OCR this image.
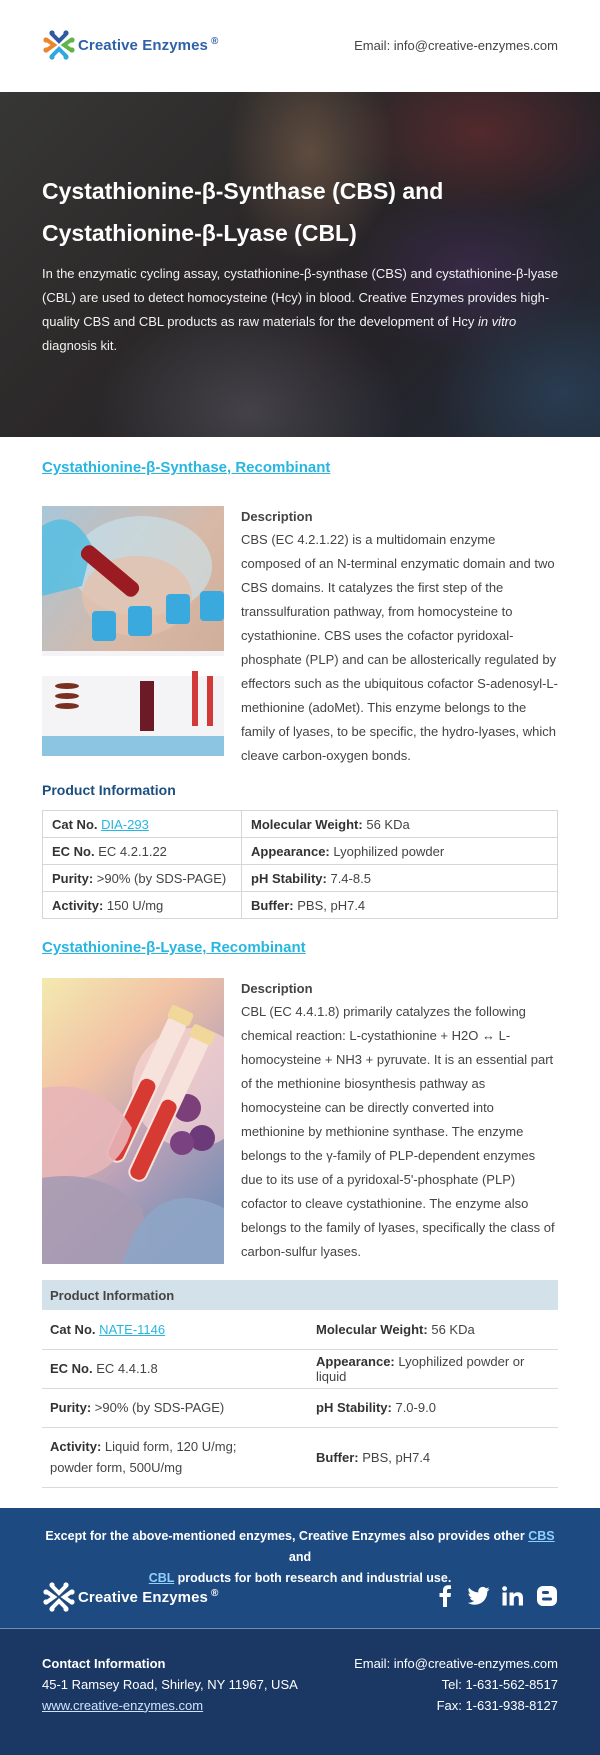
Creative Enzymes ®	Email: info@creative-enzymes.com
Cystathionine-β-Synthase (CBS) and
Cystathionine-β-Lyase (CBL)

In the enzymatic cycling assay, cystathionine-β-synthase (CBS) and cystathionine-β-lyase (CBL) are used to detect homocysteine (Hcy) in blood. Creative Enzymes provides high-quality CBS and CBL products as raw materials for the development of Hcy in vitro diagnosis kit.

Cystathionine-β-Synthase, Recombinant
Description

CBS (EC 4.2.1.22) is a multidomain enzyme composed of an N-terminal enzymatic domain and two CBS domains. It catalyzes the first step of the transsulfuration pathway, from homocysteine to cystathionine. CBS uses the cofactor pyridoxal-phosphate (PLP) and can be allosterically regulated by effectors such as the ubiquitous cofactor S-adenosyl-L-methionine (adoMet). This enzyme belongs to the family of lyases, to be specific, the hydro-lyases, which cleave carbon-oxygen bonds.

Product Information
Cat No. DIA-293	Molecular Weight: 56 KDa
EC No. EC 4.2.1.22	Appearance: Lyophilized powder
Purity: >90% (by SDS-PAGE)	pH Stability: 7.4-8.5
Activity: 150 U/mg	Buffer: PBS, pH7.4
Cystathionine-β-Lyase, Recombinant
Description

CBL (EC 4.4.1.8) primarily catalyzes the following chemical reaction: L-cystathionine + H2O ↔ L-homocysteine + NH3 + pyruvate. It is an essential part of the methionine biosynthesis pathway as homocysteine can be directly converted into methionine by methionine synthase. The enzyme belongs to the γ-family of PLP-dependent enzymes due to its use of a pyridoxal-5'-phosphate (PLP) cofactor to cleave cystathionine. The enzyme also belongs to the family of lyases, specifically the class of carbon-sulfur lyases.

Product Information
Cat No. NATE-1146	Molecular Weight: 56 KDa
EC No. EC 4.4.1.8	Appearance: Lyophilized powder or liquid
Purity: >90% (by SDS-PAGE)	pH Stability: 7.0-9.0
Activity: Liquid form, 120 U/mg;
powder form, 500U/mg	Buffer: PBS, pH7.4

Except for the above-mentioned enzymes, Creative Enzymes also provides other CBS and
CBL products for both research and industrial use.

Creative Enzymes ®
Contact Information
45-1 Ramsey Road, Shirley, NY 11967, USA
www.creative-enzymes.com
Email: info@creative-enzymes.com
Tel: 1-631-562-8517
Fax: 1-631-938-8127
